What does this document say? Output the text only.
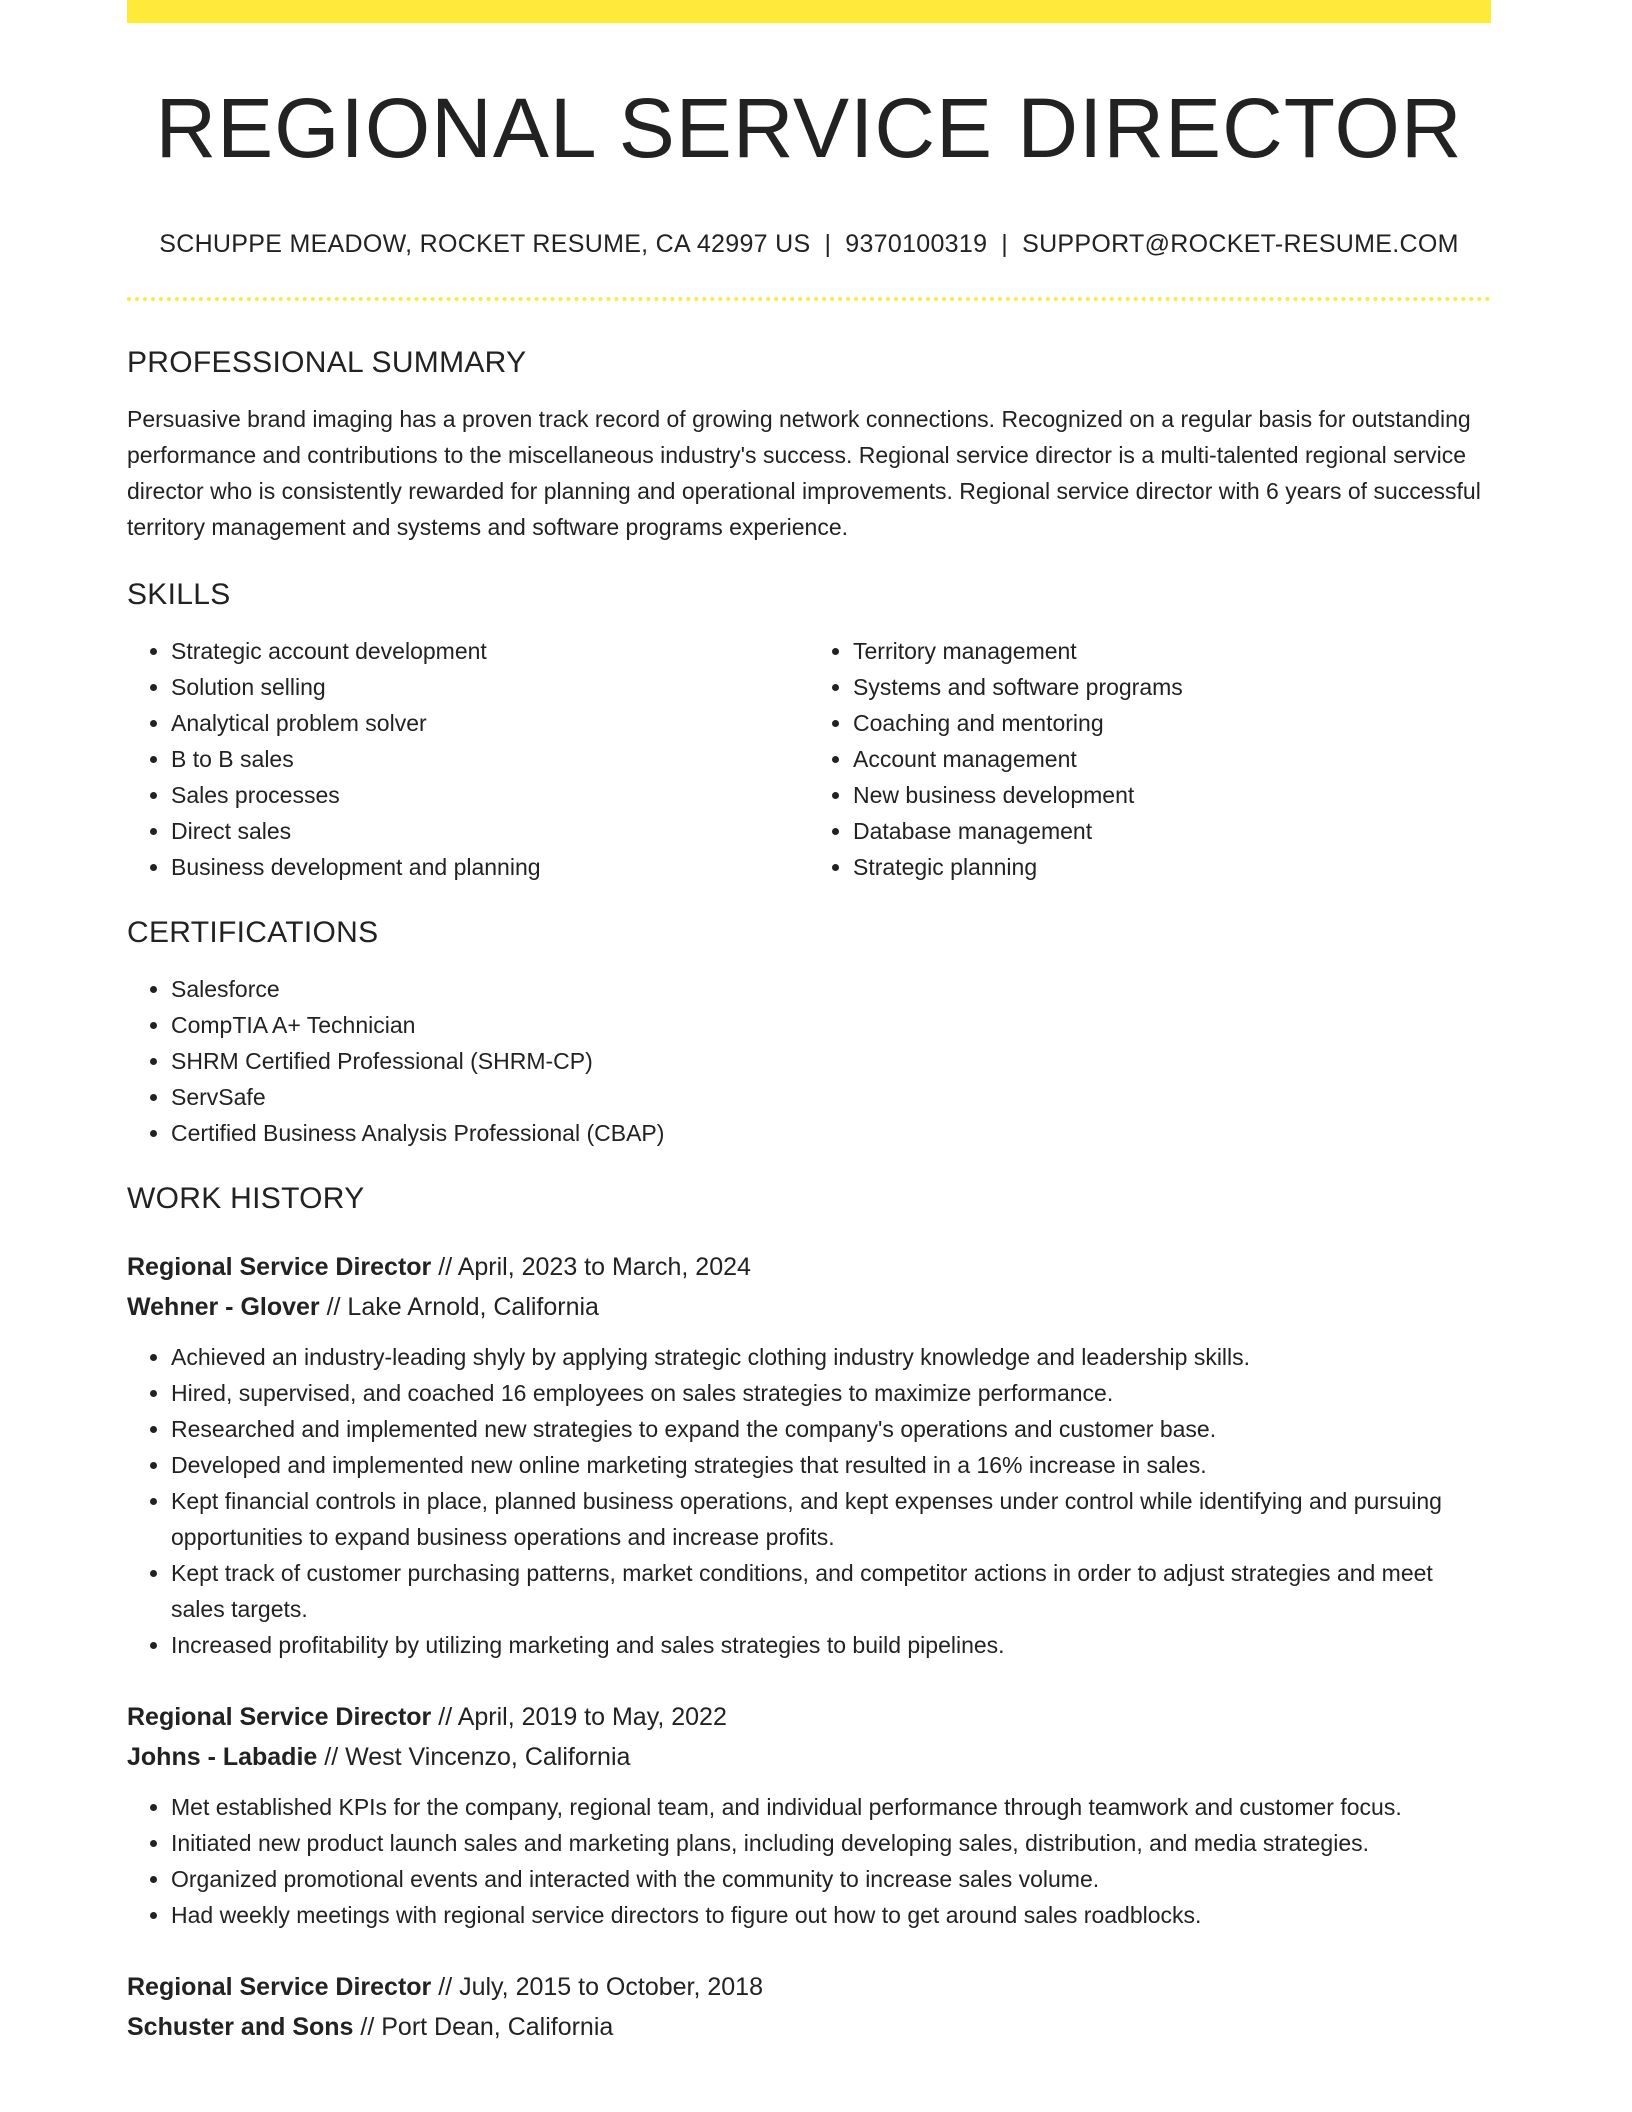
REGIONAL SERVICE DIRECTOR
SCHUPPE MEADOW, ROCKET RESUME, CA 42997 US | 9370100319 | SUPPORT@ROCKET-RESUME.COM
PROFESSIONAL SUMMARY

Persuasive brand imaging has a proven track record of growing network connections. Recognized on a regular basis for outstanding performance and contributions to the miscellaneous industry's success. Regional service director is a multi-talented regional service director who is consistently rewarded for planning and operational improvements. Regional service director with 6 years of successful territory management and systems and software programs experience.

SKILLS
• Strategic account development
• Solution selling
• Analytical problem solver
• B to B sales
• Sales processes
• Direct sales
• Business development and planning
• Territory management
• Systems and software programs
• Coaching and mentoring
• Account management
• New business development
• Database management
• Strategic planning
CERTIFICATIONS
• Salesforce
• CompTIA A+ Technician
• SHRM Certified Professional (SHRM-CP)
• ServSafe
• Certified Business Analysis Professional (CBAP)
WORK HISTORY
Regional Service Director // April, 2023 to March, 2024
Wehner - Glover // Lake Arnold, California
• Achieved an industry-leading shyly by applying strategic clothing industry knowledge and leadership skills.
• Hired, supervised, and coached 16 employees on sales strategies to maximize performance.
• Researched and implemented new strategies to expand the company's operations and customer base.
• Developed and implemented new online marketing strategies that resulted in a 16% increase in sales.
• Kept financial controls in place, planned business operations, and kept expenses under control while identifying and pursuing opportunities to expand business operations and increase profits.
• Kept track of customer purchasing patterns, market conditions, and competitor actions in order to adjust strategies and meet sales targets.
• Increased profitability by utilizing marketing and sales strategies to build pipelines.
Regional Service Director // April, 2019 to May, 2022
Johns - Labadie // West Vincenzo, California
• Met established KPIs for the company, regional team, and individual performance through teamwork and customer focus.
• Initiated new product launch sales and marketing plans, including developing sales, distribution, and media strategies.
• Organized promotional events and interacted with the community to increase sales volume.
• Had weekly meetings with regional service directors to figure out how to get around sales roadblocks.
Regional Service Director // July, 2015 to October, 2018
Schuster and Sons // Port Dean, California
